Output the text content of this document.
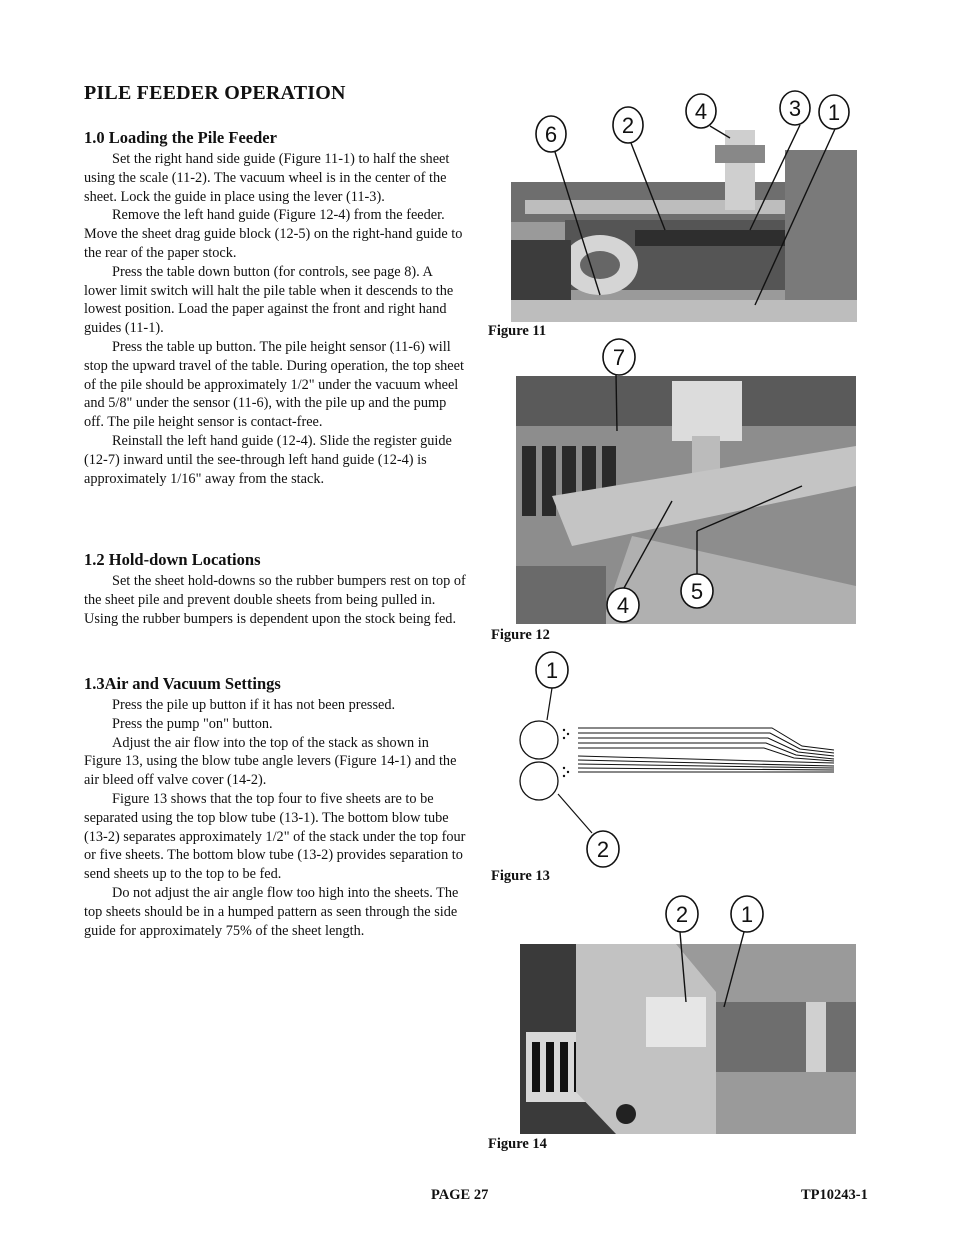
PILE FEEDER OPERATION
1.0 Loading the Pile Feeder

Set the right hand side guide (Figure 11-1) to half the sheet using the scale (11-2). The vacuum wheel is in the center of the sheet. Lock the guide in place using the lever (11-3).

Remove the left hand guide (Figure 12-4) from the feeder. Move the sheet drag guide block (12-5) on the right-hand guide to the rear of the paper stock.

Press the table down button (for controls, see page 8). A lower limit switch will halt the pile table when it descends to the lowest position. Load the paper against the front and right hand guides (11-1).

Press the table up button. The pile height sensor (11-6) will stop the upward travel of the table. During operation, the top sheet of the pile should be approximately 1/2" under the vacuum wheel and 5/8" under the sensor (11-6), with the pile up and the pump off. The pile height sensor is contact-free.

Reinstall the left hand guide (12-4). Slide the register guide (12-7) inward until the see-through left hand guide (12-4) is approximately 1/16" away from the stack.

1.2 Hold-down Locations

Set the sheet hold-downs so the rubber bumpers rest on top of the sheet pile and prevent double sheets from being pulled in. Using the rubber bumpers is dependent upon the stock being fed.

1.3Air and Vacuum Settings

Press the pile up button if it has not been pressed.

Press the pump "on" button.

Adjust the air flow into the top of the stack as shown in Figure 13, using the blow tube angle levers (Figure 14-1) and the air bleed off valve cover (14-2).

Figure 13 shows that the top four to five sheets are to be separated using the top blow tube (13-1). The bottom blow tube (13-2) separates approximately 1/2" of the stack under the top four or five sheets. The bottom blow tube (13-2) provides separation to send sheets up to the top to be fed.

Do not adjust the air angle flow too high into the sheets. The top sheets should be in a humped pattern as seen through the side guide for approximately 75% of the sheet length.

6	2
4	3 1
Figure 11
7
4
5
Figure 12
1
2
Figure 13
2 1
Figure 14
PAGE 27	TP10243-1
